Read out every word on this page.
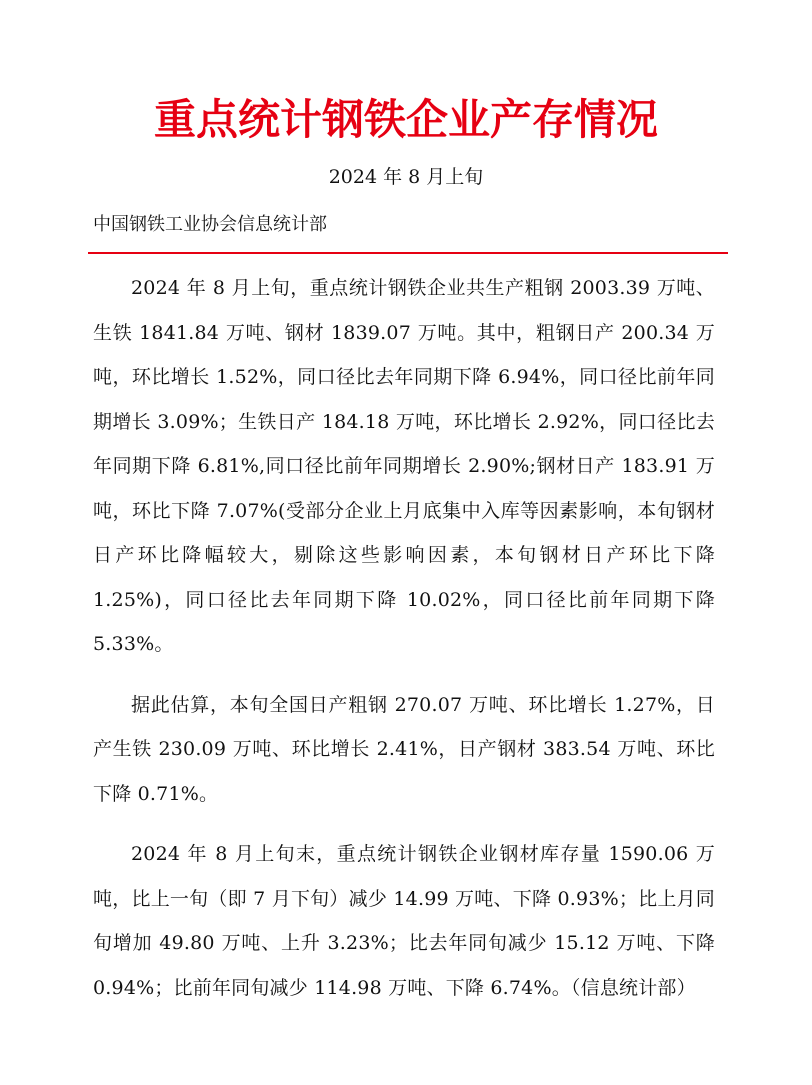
重点统计钢铁企业产存情况
2024 年 8 月上旬
中国钢铁工业协会信息统计部

2024 年 8 月上旬，重点统计钢铁企业共生产粗钢 2003.39 万吨、生铁 1841.84 万吨、钢材 1839.07 万吨。其中，粗钢日产 200.34 万吨，环比增长 1.52%，同口径比去年同期下降 6.94%，同口径比前年同期增长 3.09%；生铁日产 184.18 万吨，环比增长 2.92%，同口径比去年同期下降 6.81%,同口径比前年同期增长 2.90%;钢材日产 183.91 万吨，环比下降 7.07%(受部分企业上月底集中入库等因素影响，本旬钢材日产环比降幅较大，剔除这些影响因素，本旬钢材日产环比下降 1.25%)，同口径比去年同期下降 10.02%，同口径比前年同期下降 5.33%。

据此估算，本旬全国日产粗钢 270.07 万吨、环比增长 1.27%，日产生铁 230.09 万吨、环比增长 2.41%，日产钢材 383.54 万吨、环比下降 0.71%。

2024 年 8 月上旬末，重点统计钢铁企业钢材库存量 1590.06 万吨，比上一旬（即 7 月下旬）减少 14.99 万吨、下降 0.93%；比上月同旬增加 49.80 万吨、上升 3.23%；比去年同旬减少 15.12 万吨、下降 0.94%；比前年同旬减少 114.98 万吨、下降 6.74%。（信息统计部）
